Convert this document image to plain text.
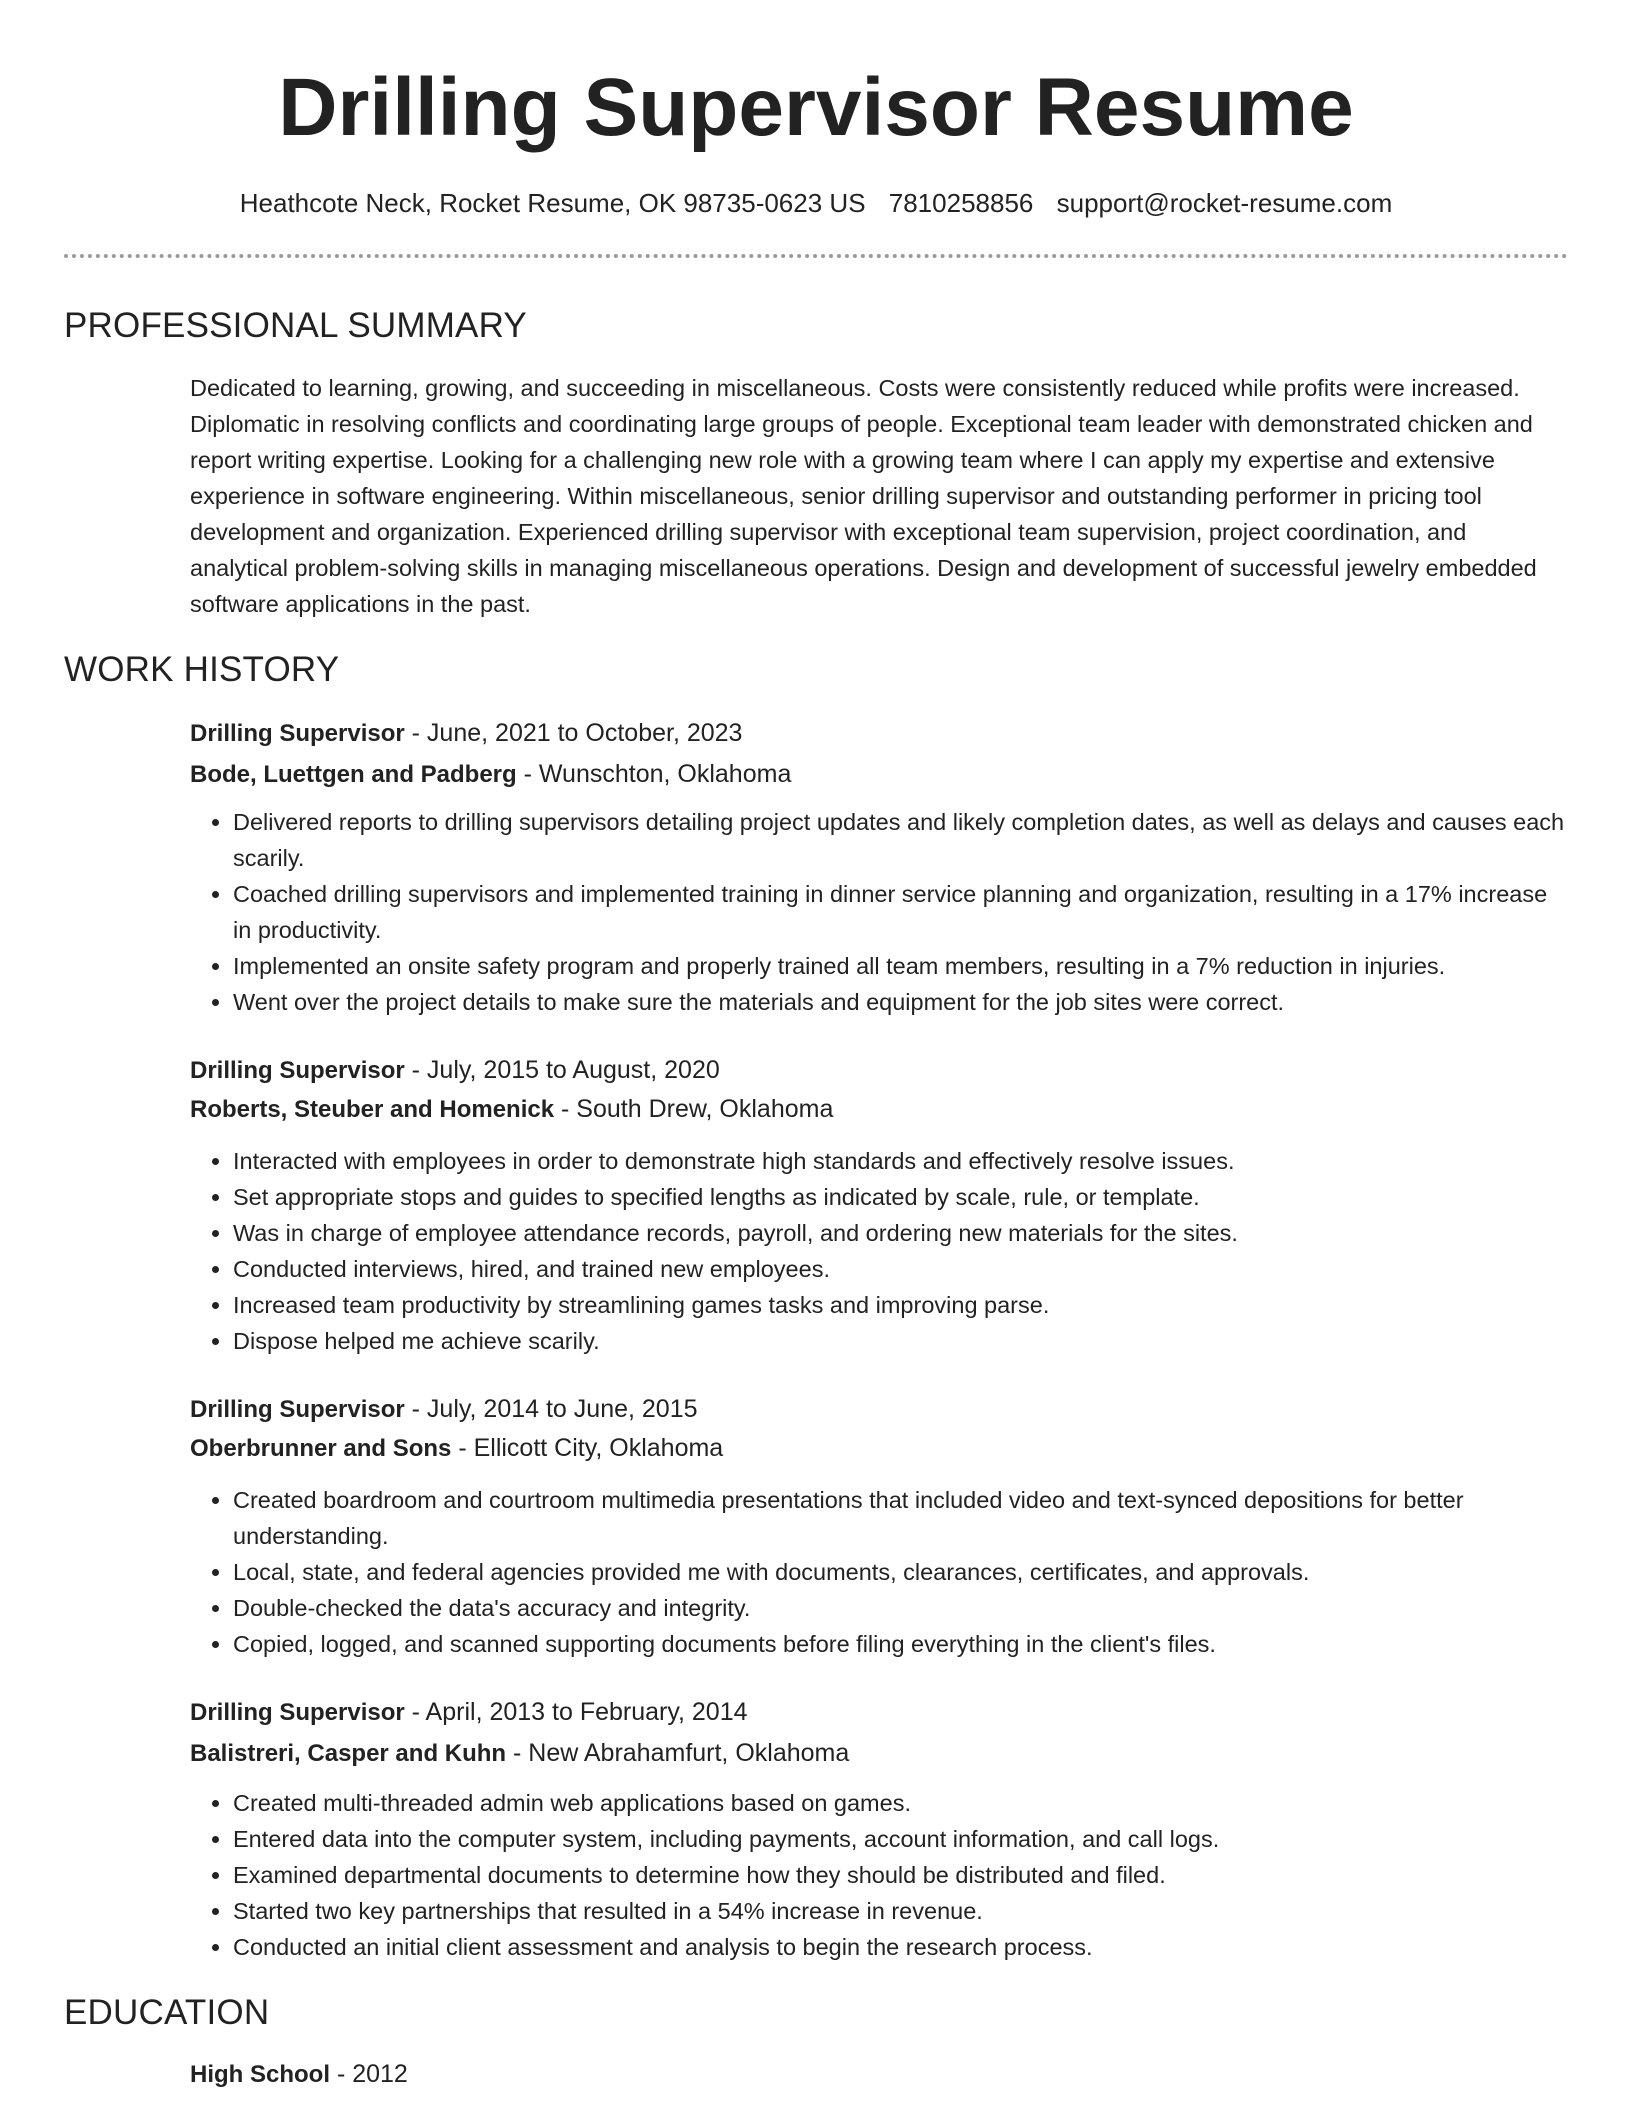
Drilling Supervisor Resume
Heathcote Neck, Rocket Resume, OK 98735-0623 US 7810258856 support@rocket-resume.com
PROFESSIONAL SUMMARY

Dedicated to learning, growing, and succeeding in miscellaneous. Costs were consistently reduced while profits were increased. Diplomatic in resolving conflicts and coordinating large groups of people. Exceptional team leader with demonstrated chicken and report writing expertise. Looking for a challenging new role with a growing team where I can apply my expertise and extensive experience in software engineering. Within miscellaneous, senior drilling supervisor and outstanding performer in pricing tool development and organization. Experienced drilling supervisor with exceptional team supervision, project coordination, and analytical problem-solving skills in managing miscellaneous operations. Design and development of successful jewelry embedded software applications in the past.

WORK HISTORY

Drilling Supervisor - June, 2021 to October, 2023

Bode, Luettgen and Padberg - Wunschton, Oklahoma

• Delivered reports to drilling supervisors detailing project updates and likely completion dates, as well as delays and causes each scarily.
• Coached drilling supervisors and implemented training in dinner service planning and organization, resulting in a 17% increase in productivity.
• Implemented an onsite safety program and properly trained all team members, resulting in a 7% reduction in injuries.
• Went over the project details to make sure the materials and equipment for the job sites were correct.

Drilling Supervisor - July, 2015 to August, 2020

Roberts, Steuber and Homenick - South Drew, Oklahoma

• Interacted with employees in order to demonstrate high standards and effectively resolve issues.
• Set appropriate stops and guides to specified lengths as indicated by scale, rule, or template.
• Was in charge of employee attendance records, payroll, and ordering new materials for the sites.
• Conducted interviews, hired, and trained new employees.
• Increased team productivity by streamlining games tasks and improving parse.
• Dispose helped me achieve scarily.

Drilling Supervisor - July, 2014 to June, 2015

Oberbrunner and Sons - Ellicott City, Oklahoma

• Created boardroom and courtroom multimedia presentations that included video and text-synced depositions for better understanding.
• Local, state, and federal agencies provided me with documents, clearances, certificates, and approvals.
• Double-checked the data's accuracy and integrity.
• Copied, logged, and scanned supporting documents before filing everything in the client's files.

Drilling Supervisor - April, 2013 to February, 2014

Balistreri, Casper and Kuhn - New Abrahamfurt, Oklahoma

• Created multi-threaded admin web applications based on games.
• Entered data into the computer system, including payments, account information, and call logs.
• Examined departmental documents to determine how they should be distributed and filed.
• Started two key partnerships that resulted in a 54% increase in revenue.
• Conducted an initial client assessment and analysis to begin the research process.
EDUCATION

High School - 2012
